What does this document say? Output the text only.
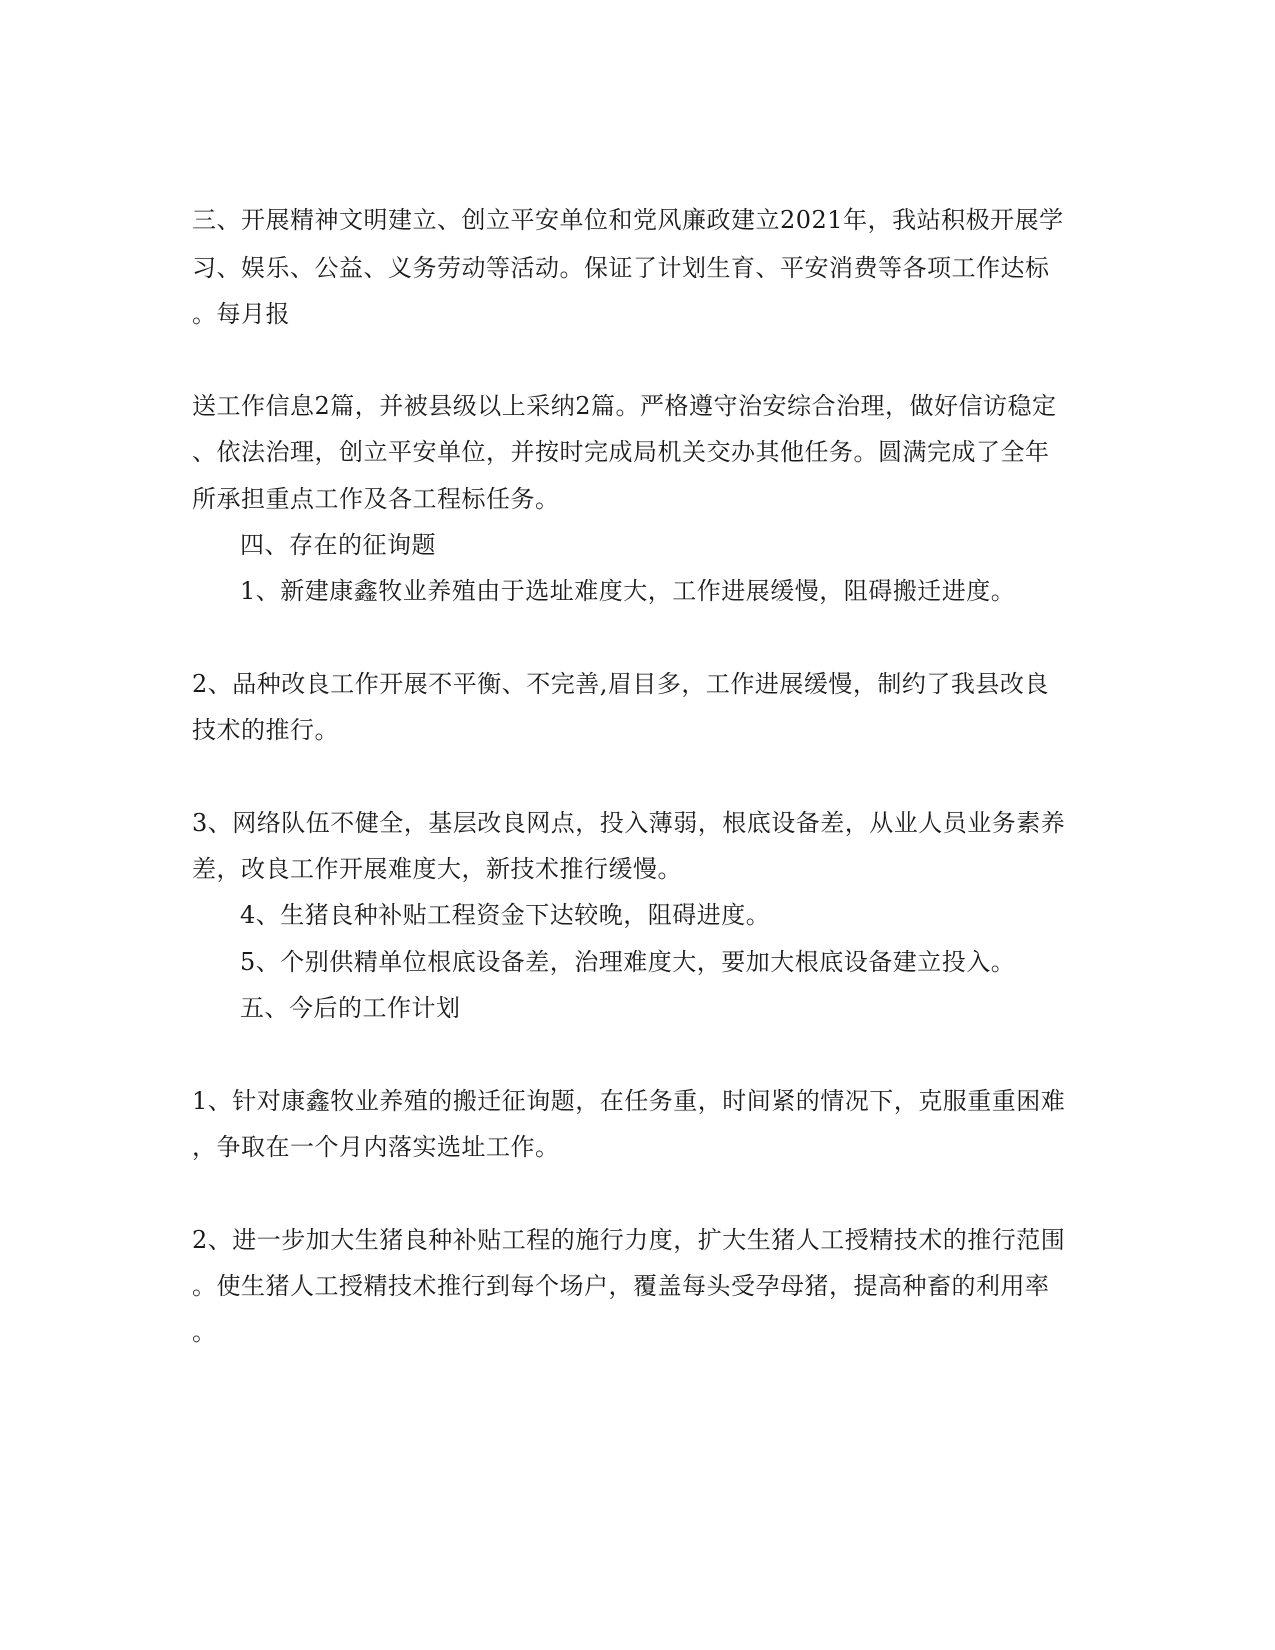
三、开展精神文明建立、创立平安单位和党风廉政建立2021年，我站积极开展学
习、娱乐、公益、义务劳动等活动。保证了计划生育、平安消费等各项工作达标
。每月报
送工作信息2篇，并被县级以上采纳2篇。严格遵守治安综合治理，做好信访稳定
、依法治理，创立平安单位，并按时完成局机关交办其他任务。圆满完成了全年
所承担重点工作及各工程标任务。
四、存在的征询题
1、新建康鑫牧业养殖由于选址难度大，工作进展缓慢，阻碍搬迁进度。
2、品种改良工作开展不平衡、不完善,眉目多，工作进展缓慢，制约了我县改良
技术的推行。
3、网络队伍不健全，基层改良网点，投入薄弱，根底设备差，从业人员业务素养
差，改良工作开展难度大，新技术推行缓慢。
4、生猪良种补贴工程资金下达较晚，阻碍进度。
5、个别供精单位根底设备差，治理难度大，要加大根底设备建立投入。
五、今后的工作计划
1、针对康鑫牧业养殖的搬迁征询题，在任务重，时间紧的情况下，克服重重困难
，争取在一个月内落实选址工作。
2、进一步加大生猪良种补贴工程的施行力度，扩大生猪人工授精技术的推行范围
。使生猪人工授精技术推行到每个场户，覆盖每头受孕母猪，提高种畜的利用率
。
